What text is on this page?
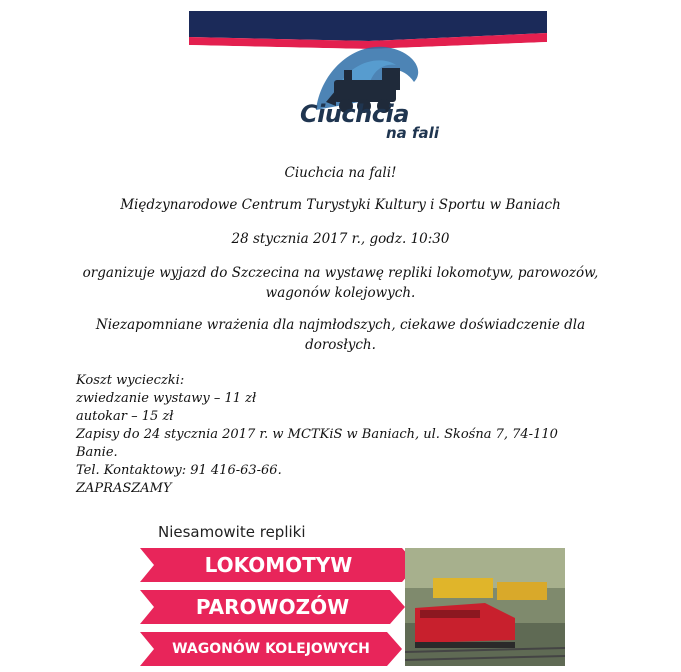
Ciuchcia
na fali
Ciuchcia na fali!
Międzynarodowe Centrum Turystyki Kultury i Sportu w Baniach
28 stycznia 2017 r., godz. 10:30
organizuje wyjazd do Szczecina na wystawę repliki lokomotyw, parowozów,
wagonów kolejowych.
Niezapomniane wrażenia dla najmłodszych, ciekawe doświadczenie dla
dorosłych.
Koszt wycieczki:
zwiedzanie wystawy – 11 zł
autokar – 15 zł
Zapisy do 24 stycznia 2017 r. w MCTKiS w Baniach, ul. Skośna 7, 74-110
Banie.
Tel. Kontaktowy: 91 416-63-66.
ZAPRASZAMY
Niesamowite repliki
LOKOMOTYW
PAROWOZÓW
WAGONÓW KOLEJOWYCH
